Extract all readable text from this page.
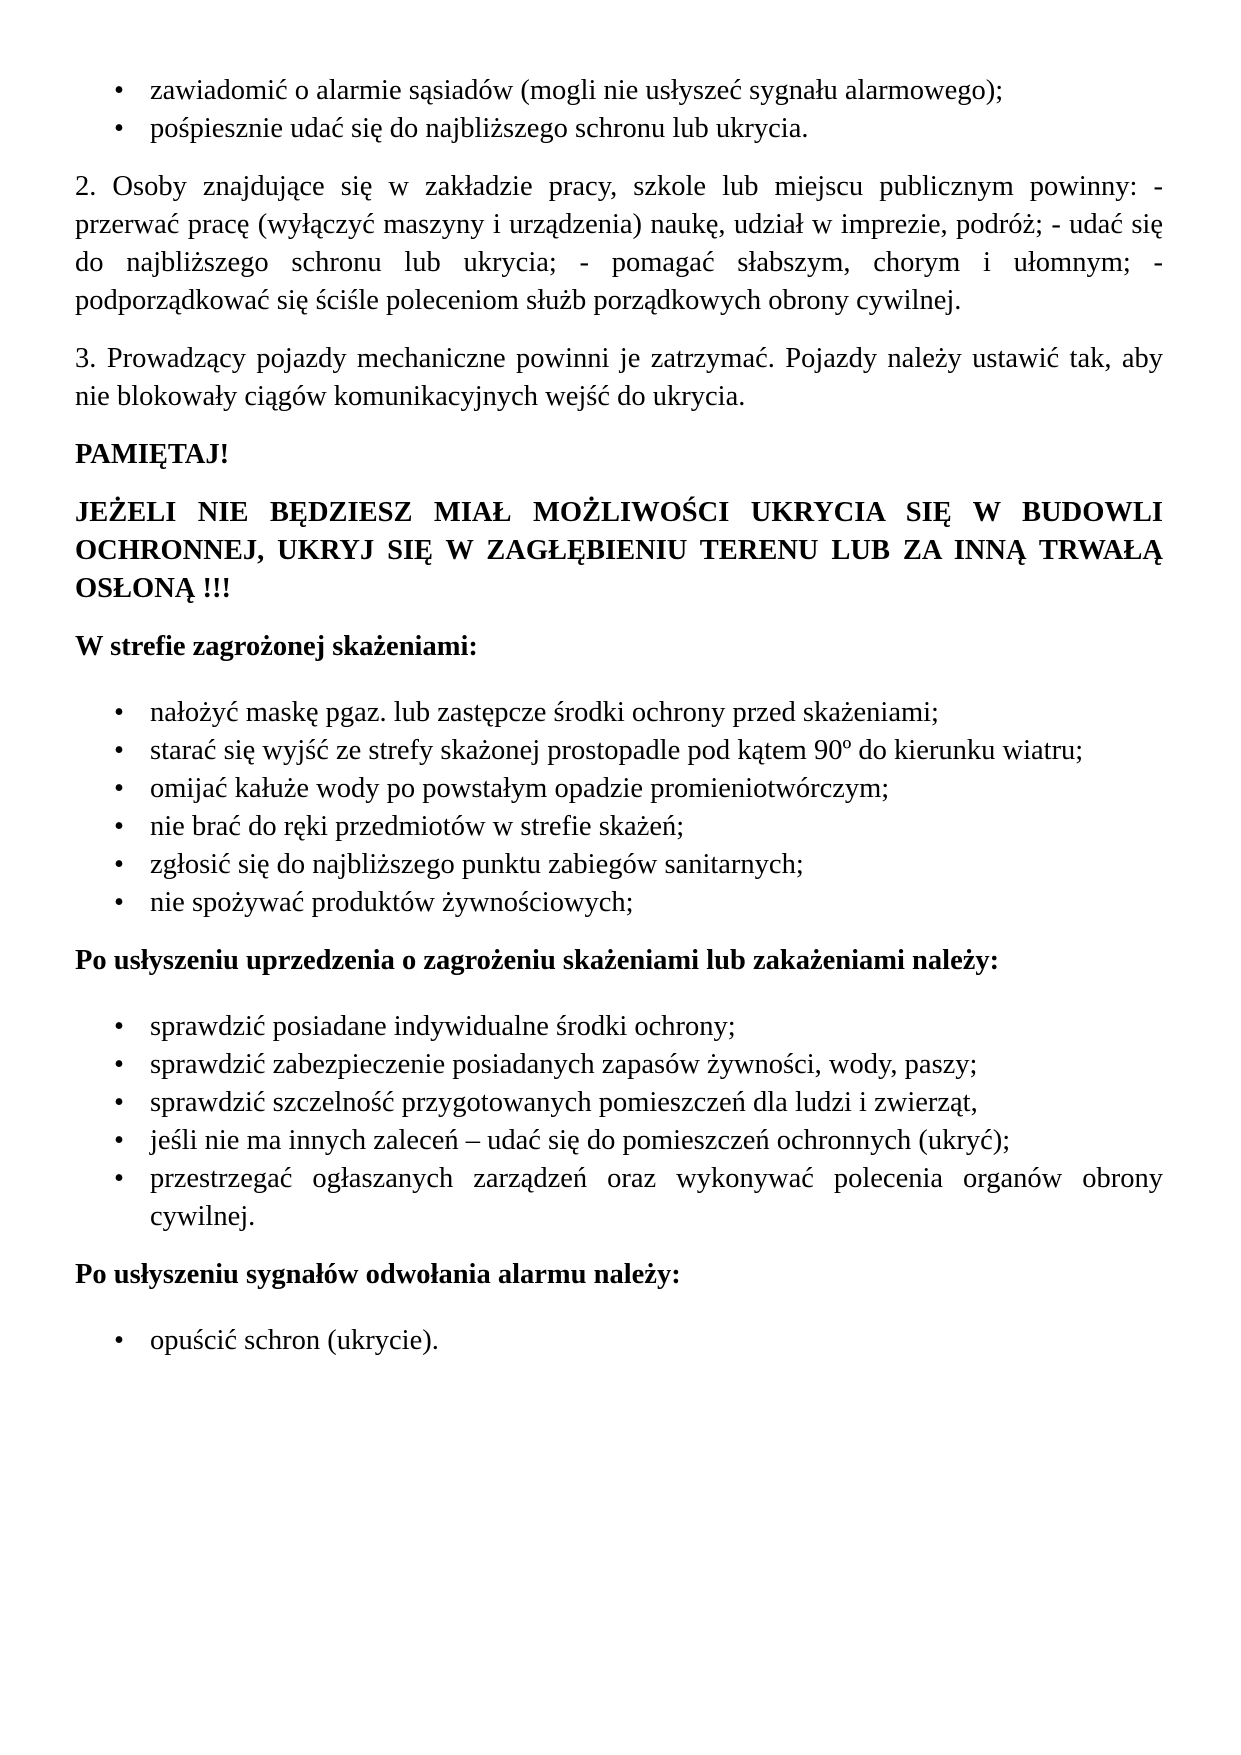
• zawiadomić o alarmie sąsiadów (mogli nie usłyszeć sygnału alarmowego);
• pośpiesznie udać się do najbliższego schronu lub ukrycia.

2. Osoby znajdujące się w zakładzie pracy, szkole lub miejscu publicznym powinny: - przerwać pracę (wyłączyć maszyny i urządzenia) naukę, udział w imprezie, podróż; - udać się do najbliższego schronu lub ukrycia; - pomagać słabszym, chorym i ułomnym; - podporządkować się ściśle poleceniom służb porządkowych obrony cywilnej.

3. Prowadzący pojazdy mechaniczne powinni je zatrzymać. Pojazdy należy ustawić tak, aby nie blokowały ciągów komunikacyjnych wejść do ukrycia.

PAMIĘTAJ!

JEŻELI NIE BĘDZIESZ MIAŁ MOŻLIWOŚCI UKRYCIA SIĘ W BUDOWLI OCHRONNEJ, UKRYJ SIĘ W ZAGŁĘBIENIU TERENU LUB ZA INNĄ TRWAŁĄ OSŁONĄ !!!

W strefie zagrożonej skażeniami:

• nałożyć maskę pgaz. lub zastępcze środki ochrony przed skażeniami;
• starać się wyjść ze strefy skażonej prostopadle pod kątem 90º do kierunku wiatru;
• omijać kałuże wody po powstałym opadzie promieniotwórczym;
• nie brać do ręki przedmiotów w strefie skażeń;
• zgłosić się do najbliższego punktu zabiegów sanitarnych;
• nie spożywać produktów żywnościowych;

Po usłyszeniu uprzedzenia o zagrożeniu skażeniami lub zakażeniami należy:

• sprawdzić posiadane indywidualne środki ochrony;
• sprawdzić zabezpieczenie posiadanych zapasów żywności, wody, paszy;
• sprawdzić szczelność przygotowanych pomieszczeń dla ludzi i zwierząt,
• jeśli nie ma innych zaleceń – udać się do pomieszczeń ochronnych (ukryć);
• przestrzegać ogłaszanych zarządzeń oraz wykonywać polecenia organów obrony cywilnej.

Po usłyszeniu sygnałów odwołania alarmu należy:

• opuścić schron (ukrycie).
